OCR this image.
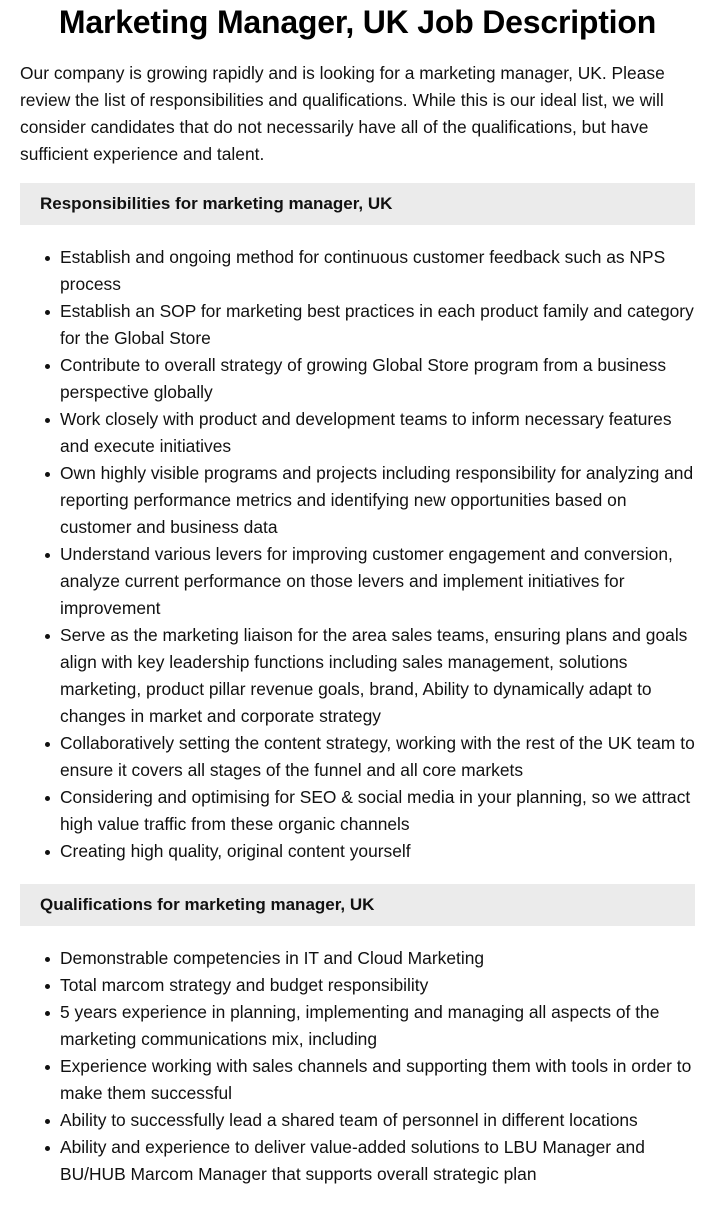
Marketing Manager, UK Job Description

Our company is growing rapidly and is looking for a marketing manager, UK. Please review the list of responsibilities and qualifications. While this is our ideal list, we will consider candidates that do not necessarily have all of the qualifications, but have sufficient experience and talent.

Responsibilities for marketing manager, UK
Establish and ongoing method for continuous customer feedback such as NPS process
Establish an SOP for marketing best practices in each product family and category for the Global Store
Contribute to overall strategy of growing Global Store program from a business perspective globally
Work closely with product and development teams to inform necessary features and execute initiatives
Own highly visible programs and projects including responsibility for analyzing and reporting performance metrics and identifying new opportunities based on customer and business data
Understand various levers for improving customer engagement and conversion, analyze current performance on those levers and implement initiatives for improvement
Serve as the marketing liaison for the area sales teams, ensuring plans and goals align with key leadership functions including sales management, solutions marketing, product pillar revenue goals, brand, Ability to dynamically adapt to changes in market and corporate strategy
Collaboratively setting the content strategy, working with the rest of the UK team to ensure it covers all stages of the funnel and all core markets
Considering and optimising for SEO & social media in your planning, so we attract high value traffic from these organic channels
Creating high quality, original content yourself
Qualifications for marketing manager, UK
Demonstrable competencies in IT and Cloud Marketing
Total marcom strategy and budget responsibility
5 years experience in planning, implementing and managing all aspects of the marketing communications mix, including
Experience working with sales channels and supporting them with tools in order to make them successful
Ability to successfully lead a shared team of personnel in different locations
Ability and experience to deliver value-added solutions to LBU Manager and BU/HUB Marcom Manager that supports overall strategic plan
